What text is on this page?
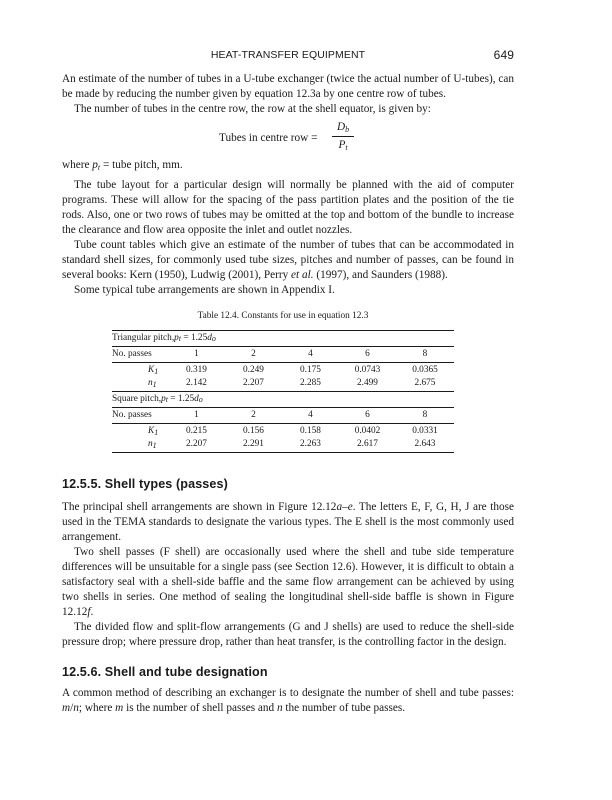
HEAT-TRANSFER EQUIPMENT	649

An estimate of the number of tubes in a U-tube exchanger (twice the actual number of U-tubes), can be made by reducing the number given by equation 12.3a by one centre row of tubes.

The number of tubes in the centre row, the row at the shell equator, is given by:

Tubes in centre row = $\frac{D_b}{P_t}$

where $p_t$ = tube pitch, mm.

The tube layout for a particular design will normally be planned with the aid of computer programs. These will allow for the spacing of the pass partition plates and the position of the tie rods. Also, one or two rows of tubes may be omitted at the top and bottom of the bundle to increase the clearance and flow area opposite the inlet and outlet nozzles.

Tube count tables which give an estimate of the number of tubes that can be accommodated in standard shell sizes, for commonly used tube sizes, pitches and number of passes, can be found in several books: Kern (1950), Ludwig (2001), Perry et al. (1997), and Saunders (1988).

Some typical tube arrangements are shown in Appendix I.

Table 12.4. Constants for use in equation 12.3
Triangular pitch, p t
= 1.25 d o
No. passes	1	2	4	6	8
$K_1$	0.319	0.249	0.175	0.0743	0.0365
$n_1$	2.142	2.207	2.285	2.499	2.675
Square pitch, p t
= 1.25 d o
No. passes	1	2	4	6	8
$K_1$	0.215	0.156	0.158	0.0402	0.0331
$n_1$	2.207	2.291	2.263	2.617	2.643
12.5.5. Shell types (passes)

The principal shell arrangements are shown in Figure 12.12a–e. The letters E, F, G, H, J are those used in the TEMA standards to designate the various types. The E shell is the most commonly used arrangement.

Two shell passes (F shell) are occasionally used where the shell and tube side temperature differences will be unsuitable for a single pass (see Section 12.6). However, it is difficult to obtain a satisfactory seal with a shell-side baffle and the same flow arrangement can be achieved by using two shells in series. One method of sealing the longitudinal shell-side baffle is shown in Figure 12.12f.

The divided flow and split-flow arrangements (G and J shells) are used to reduce the shell-side pressure drop; where pressure drop, rather than heat transfer, is the controlling factor in the design.

12.5.6. Shell and tube designation

A common method of describing an exchanger is to designate the number of shell and tube passes: m/n; where m is the number of shell passes and n the number of tube passes.
